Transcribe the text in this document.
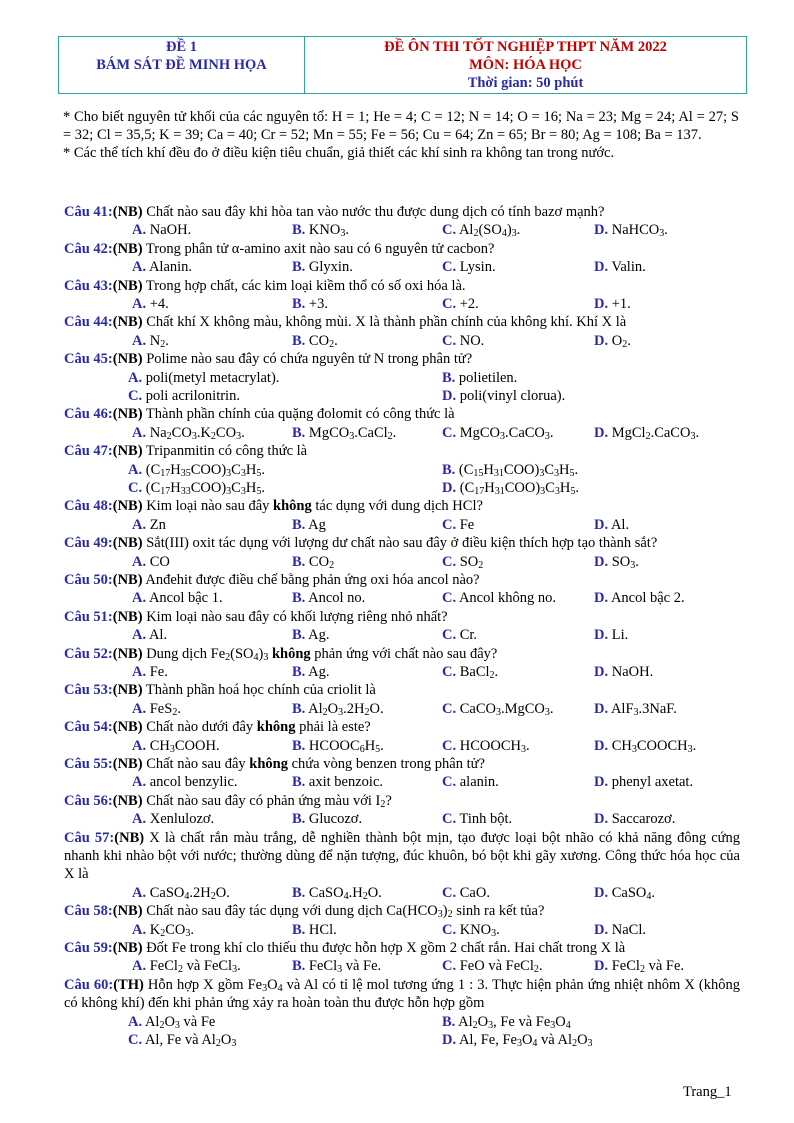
ĐỀ 1
BÁM SÁT ĐỀ MINH HỌA
ĐỀ ÔN THI TỐT NGHIỆP THPT NĂM 2022
MÔN: HÓA HỌC
Thời gian: 50 phút
* Cho biết nguyên tử khối của các nguyên tố: H = 1; He = 4; C = 12; N = 14; O = 16; Na = 23; Mg = 24; Al = 27; S = 32; Cl = 35,5; K = 39; Ca = 40; Cr = 52; Mn = 55; Fe = 56; Cu = 64; Zn = 65; Br = 80; Ag = 108; Ba = 137.
* Các thể tích khí đều đo ở điều kiện tiêu chuẩn, giả thiết các khí sinh ra không tan trong nước.
Câu 41:(NB) Chất nào sau đây khi hòa tan vào nước thu được dung dịch có tính bazơ mạnh?
A. NaOH.	B. $KNO_3$.	C. $Al_2(SO_4)_3$.	D. NaHCO$_3$.
Câu 42:(NB) Trong phân tử α-amino axit nào sau có 6 nguyên tử cacbon?
A. Alanin.	B. Glyxin.	C. Lysin.	D. Valin.
Câu 43:(NB) Trong hợp chất, các kim loại kiềm thổ có số oxi hóa là.
A. +4.	B. +3.	C. +2.	D. +1.
Câu 44:(NB) Chất khí X không màu, không mùi. X là thành phần chính của không khí. Khí X là
A. $N_2$.	B. $CO_2$.	C. NO.	D. $O_2$.
Câu 45:(NB) Polime nào sau đây có chứa nguyên tử N trong phân tử?
A. poli(metyl metacrylat).	B. polietilen.
C. poli acrilonitrin.	D. poli(vinyl clorua).
Câu 46:(NB) Thành phần chính của quặng đolomit có công thức là
A. $Na_2CO_3.K_2CO_3$.	B. MgCO$_3$.CaCl$_2$.	C. MgCO$_3$.CaCO$_3$.	D. MgCl$_2$.CaCO$_3$.
Câu 47:(NB) Tripanmitin có công thức là
A. $(C_{17}H_{35}COO)_3C_3H_5$.	B. $(C_{15}H_{31}COO)_3C_3H_5$.
C. $(C_{17}H_{33}COO)_3C_3H_5$.	D. $(C_{17}H_{31}COO)_3C_3H_5$.
Câu 48:(NB) Kim loại nào sau đây không tác dụng với dung dịch HCl?
A. Zn	B. Ag	C. Fe	D. Al.
Câu 49:(NB) Sắt(III) oxit tác dụng với lượng dư chất nào sau đây ở điều kiện thích hợp tạo thành sắt?
A. CO	B. $CO_2$	C. $SO_2$	D. $SO_3$.
Câu 50:(NB) Anđehit được điều chế bằng phản ứng oxi hóa ancol nào?
A. Ancol bậc 1.	B. Ancol no.	C. Ancol không no.	D. Ancol bậc 2.
Câu 51:(NB) Kim loại nào sau đây có khối lượng riêng nhỏ nhất?
A. Al.	B. Ag.	C. Cr.	D. Li.
Câu 52:(NB) Dung dịch $Fe_2(SO_4)_3$ không phản ứng với chất nào sau đây?
A. Fe.	B. Ag.	C. BaCl$_2$.	D. NaOH.
Câu 53:(NB) Thành phần hoá học chính của criolit là
A. FeS$_2$.	B. $Al_2O_3.2H_2O$.	C. CaCO$_3$.MgCO$_3$.	D. AlF$_3$.3NaF.
Câu 54:(NB) Chất nào dưới đây không phải là este?
A. $CH_3COOH$.	B. $HCOOC_6H_5$.	C. $HCOOCH_3$.	D. $CH_3COOCH_3$.
Câu 55:(NB) Chất nào sau đây không chứa vòng benzen trong phân tử?
A. ancol benzylic.	B. axit benzoic.	C. alanin.	D. phenyl axetat.
Câu 56:(NB) Chất nào sau đây có phản ứng màu với $I_2$?
A. Xenlulozơ.	B. Glucozơ.	C. Tinh bột.	D. Saccarozơ.
Câu 57:(NB) X là chất rắn màu trắng, dễ nghiền thành bột mịn, tạo được loại bột nhão có khả năng đông cứng nhanh khi nhào bột với nước; thường dùng để nặn tượng, đúc khuôn, bó bột khi gãy xương. Công thức hóa học của X là
A. $CaSO_4.2H_2O$.	B. $CaSO_4.H_2O$.	C. CaO.	D. CaSO$_4$.
Câu 58:(NB) Chất nào sau đây tác dụng với dung dịch $Ca(HCO_3)_2$ sinh ra kết tủa?
A. $K_2CO_3$.	B. HCl.	C. $KNO_3$.	D. NaCl.
Câu 59:(NB) Đốt Fe trong khí clo thiếu thu được hỗn hợp X gồm 2 chất rắn. Hai chất trong X là
A. FeCl$_2$ và FeCl$_3$.	B. FeCl$_3$ và Fe.	C. FeO và FeCl$_2$.	D. FeCl$_2$ và Fe.
Câu 60:(TH) Hỗn hợp X gồm $Fe_3O_4$ và Al có tỉ lệ mol tương ứng 1 : 3. Thực hiện phản ứng nhiệt nhôm X (không có không khí) đến khi phản ứng xảy ra hoàn toàn thu được hỗn hợp gồm
A. $Al_2O_3$ và Fe	B. $Al_2O_3$, Fe và $Fe_3O_4$
C. Al, Fe và $Al_2O_3$	D. Al, Fe, $Fe_3O_4$ và $Al_2O_3$
Trang_1
